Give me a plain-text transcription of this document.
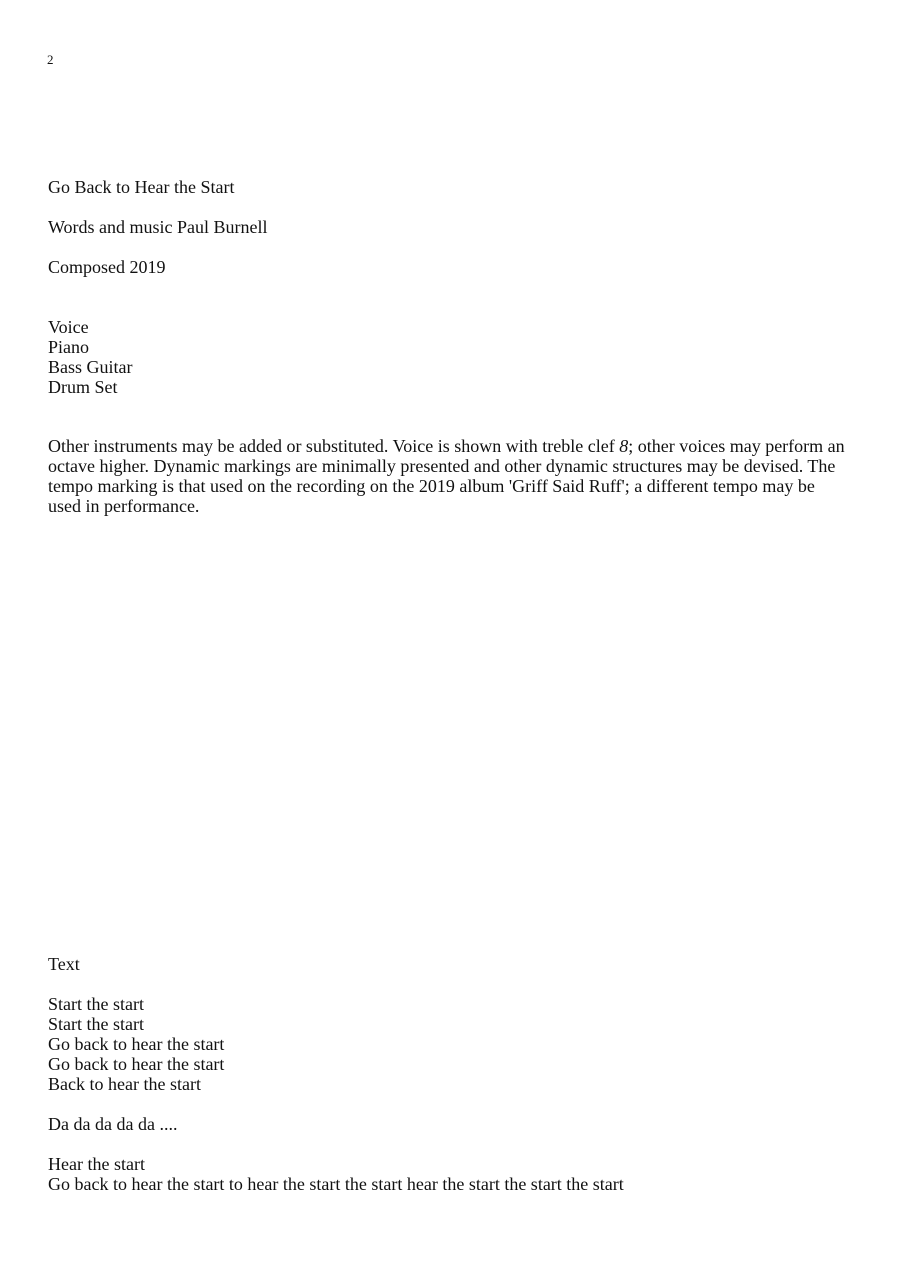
2
Go Back to Hear the Start
Words and music Paul Burnell
Composed 2019
Voice
Piano
Bass Guitar
Drum Set
Other instruments may be added or substituted. Voice is shown with treble clef 8; other voices may perform an octave higher. Dynamic markings are minimally presented and other dynamic structures may be devised. The tempo marking is that used on the recording on the 2019 album 'Griff Said Ruff'; a different tempo may be used in performance.
Text
Start the start
Start the start
Go back to hear the start
Go back to hear the start
Back to hear the start
Da da da da da ....
Hear the start
Go back to hear the start to hear the start the start hear the start the start the start
